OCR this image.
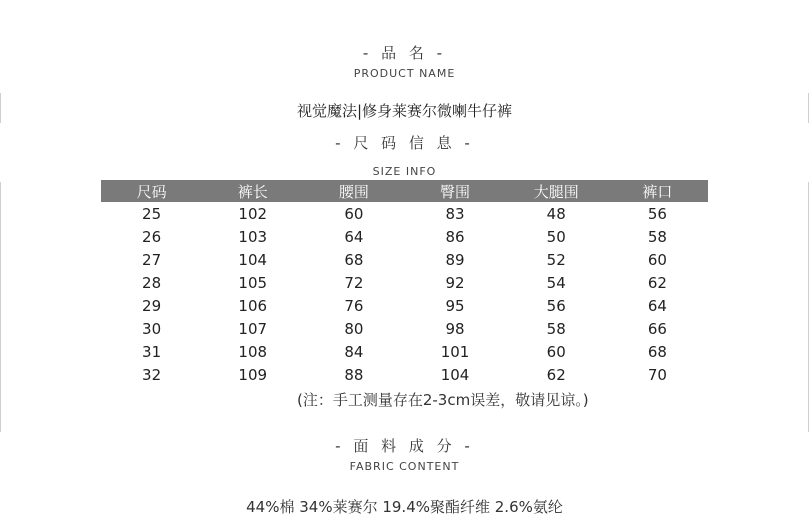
- 品 名 -
PRODUCT NAME
视觉魔法|修身莱赛尔微喇牛仔裤
- 尺 码 信 息 -
SIZE INFO
尺码	裤长	腰围	臀围	大腿围	裤口
25	102	60	83	48	56
26	103	64	86	50	58
27	104	68	89	52	60
28	105	72	92	54	62
29	106	76	95	56	64
30	107	80	98	58	66
31	108	84	101	60	68
32	109	88	104	62	70
(注：手工测量存在2-3cm误差，敬请见谅。)
- 面 料 成 分 -
FABRIC CONTENT
44%棉 34%莱赛尔 19.4%聚酯纤维 2.6%氨纶
